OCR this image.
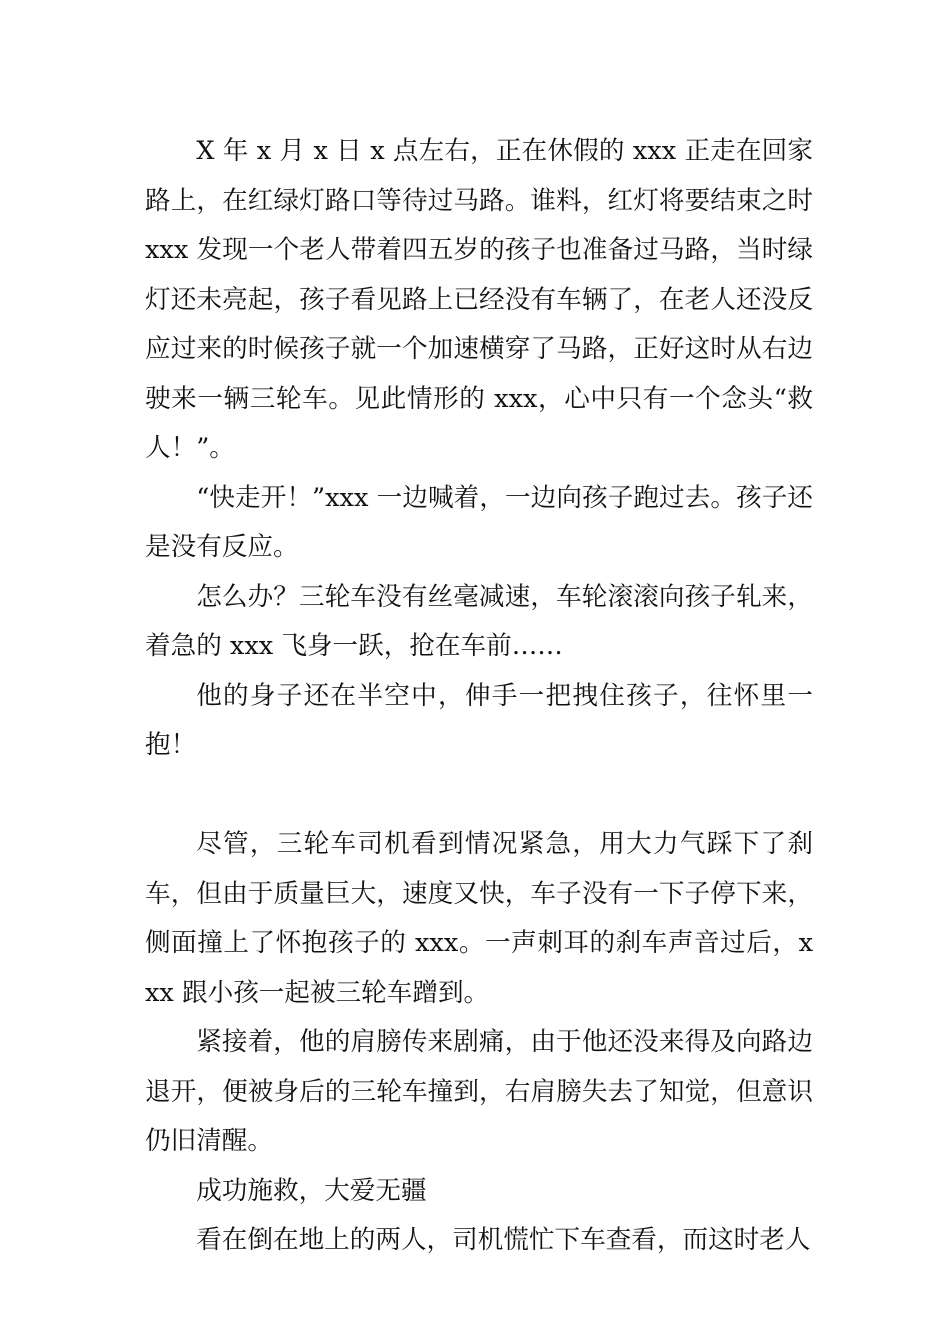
X 年 x 月 x 日 x 点左右，正在休假的 xxx 正走在回家路上，在红绿灯路口等待过马路。谁料，红灯将要结束之时 xxx 发现一个老人带着四五岁的孩子也准备过马路，当时绿灯还未亮起，孩子看见路上已经没有车辆了，在老人还没反应过来的时候孩子就一个加速横穿了马路，正好这时从右边驶来一辆三轮车。见此情形的 xxx，心中只有一个念头“救人！”。

“快走开！”xxx 一边喊着，一边向孩子跑过去。孩子还是没有反应。

怎么办？三轮车没有丝毫减速，车轮滚滚向孩子轧来，着急的 xxx 飞身一跃，抢在车前……

他的身子还在半空中，伸手一把拽住孩子，往怀里一抱！

尽管，三轮车司机看到情况紧急，用大力气踩下了刹车，但由于质量巨大，速度又快，车子没有一下子停下来，侧面撞上了怀抱孩子的 xxx。一声刺耳的刹车声音过后，xxx 跟小孩一起被三轮车蹭到。

紧接着，他的肩膀传来剧痛，由于他还没来得及向路边退开，便被身后的三轮车撞到，右肩膀失去了知觉，但意识仍旧清醒。

成功施救，大爱无疆

看在倒在地上的两人，司机慌忙下车查看，而这时老人
